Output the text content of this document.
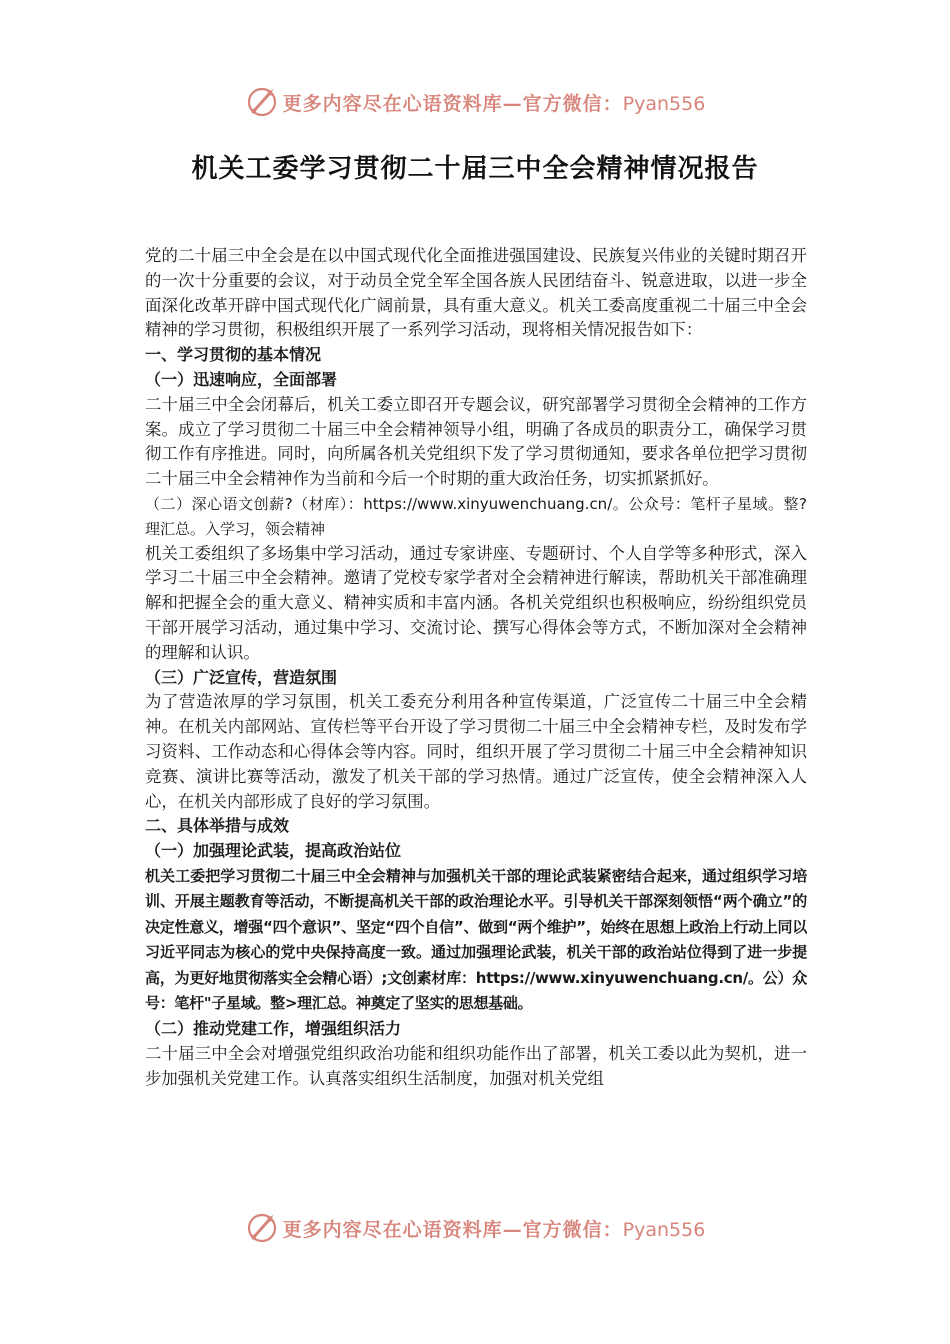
更多内容尽在心语资料库—官方微信：Pyan556
机关工委学习贯彻二十届三中全会精神情况报告

党的二十届三中全会是在以中国式现代化全面推进强国建设、民族复兴伟业的关键时期召开的一次十分重要的会议，对于动员全党全军全国各族人民团结奋斗、锐意进取，以进一步全面深化改革开辟中国式现代化广阔前景，具有重大意义。机关工委高度重视二十届三中全会精神的学习贯彻，积极组织开展了一系列学习活动，现将相关情况报告如下：

一、学习贯彻的基本情况

（一）迅速响应，全面部署

二十届三中全会闭幕后，机关工委立即召开专题会议，研究部署学习贯彻全会精神的工作方案。成立了学习贯彻二十届三中全会精神领导小组，明确了各成员的职责分工，确保学习贯彻工作有序推进。同时，向所属各机关党组织下发了学习贯彻通知，要求各单位把学习贯彻二十届三中全会精神作为当前和今后一个时期的重大政治任务，切实抓紧抓好。

（二）深心语文创薪?（材库）：https://www.xinyuwenchuang.cn/。公众号：笔杆子星域。整?理汇总。入学习，领会精神

机关工委组织了多场集中学习活动，通过专家讲座、专题研讨、个人自学等多种形式，深入学习二十届三中全会精神。邀请了党校专家学者对全会精神进行解读，帮助机关干部准确理解和把握全会的重大意义、精神实质和丰富内涵。各机关党组织也积极响应，纷纷组织党员干部开展学习活动，通过集中学习、交流讨论、撰写心得体会等方式，不断加深对全会精神的理解和认识。

（三）广泛宣传，营造氛围

为了营造浓厚的学习氛围，机关工委充分利用各种宣传渠道，广泛宣传二十届三中全会精神。在机关内部网站、宣传栏等平台开设了学习贯彻二十届三中全会精神专栏，及时发布学习资料、工作动态和心得体会等内容。同时，组织开展了学习贯彻二十届三中全会精神知识竞赛、演讲比赛等活动，激发了机关干部的学习热情。通过广泛宣传，使全会精神深入人心，在机关内部形成了良好的学习氛围。

二、具体举措与成效

（一）加强理论武装，提高政治站位

机关工委把学习贯彻二十届三中全会精神与加强机关干部的理论武装紧密结合起来，通过组织学习培训、开展主题教育等活动，不断提高机关干部的政治理论水平。引导机关干部深刻领悟“两个确立”的决定性意义，增强“四个意识”、坚定“四个自信”、做到“两个维护”，始终在思想上政治上行动上同以习近平同志为核心的党中央保持高度一致。通过加强理论武装，机关干部的政治站位得到了进一步提高，为更好地贯彻落实全会精心语）;文创素材库：https://www.xinyuwenchuang.cn/。公）众号：笔杆"子星域。整>理汇总。神奠定了坚实的思想基础。

（二）推动党建工作，增强组织活力

二十届三中全会对增强党组织政治功能和组织功能作出了部署，机关工委以此为契机，进一步加强机关党建工作。认真落实组织生活制度，加强对机关党组

更多内容尽在心语资料库—官方微信：Pyan556
